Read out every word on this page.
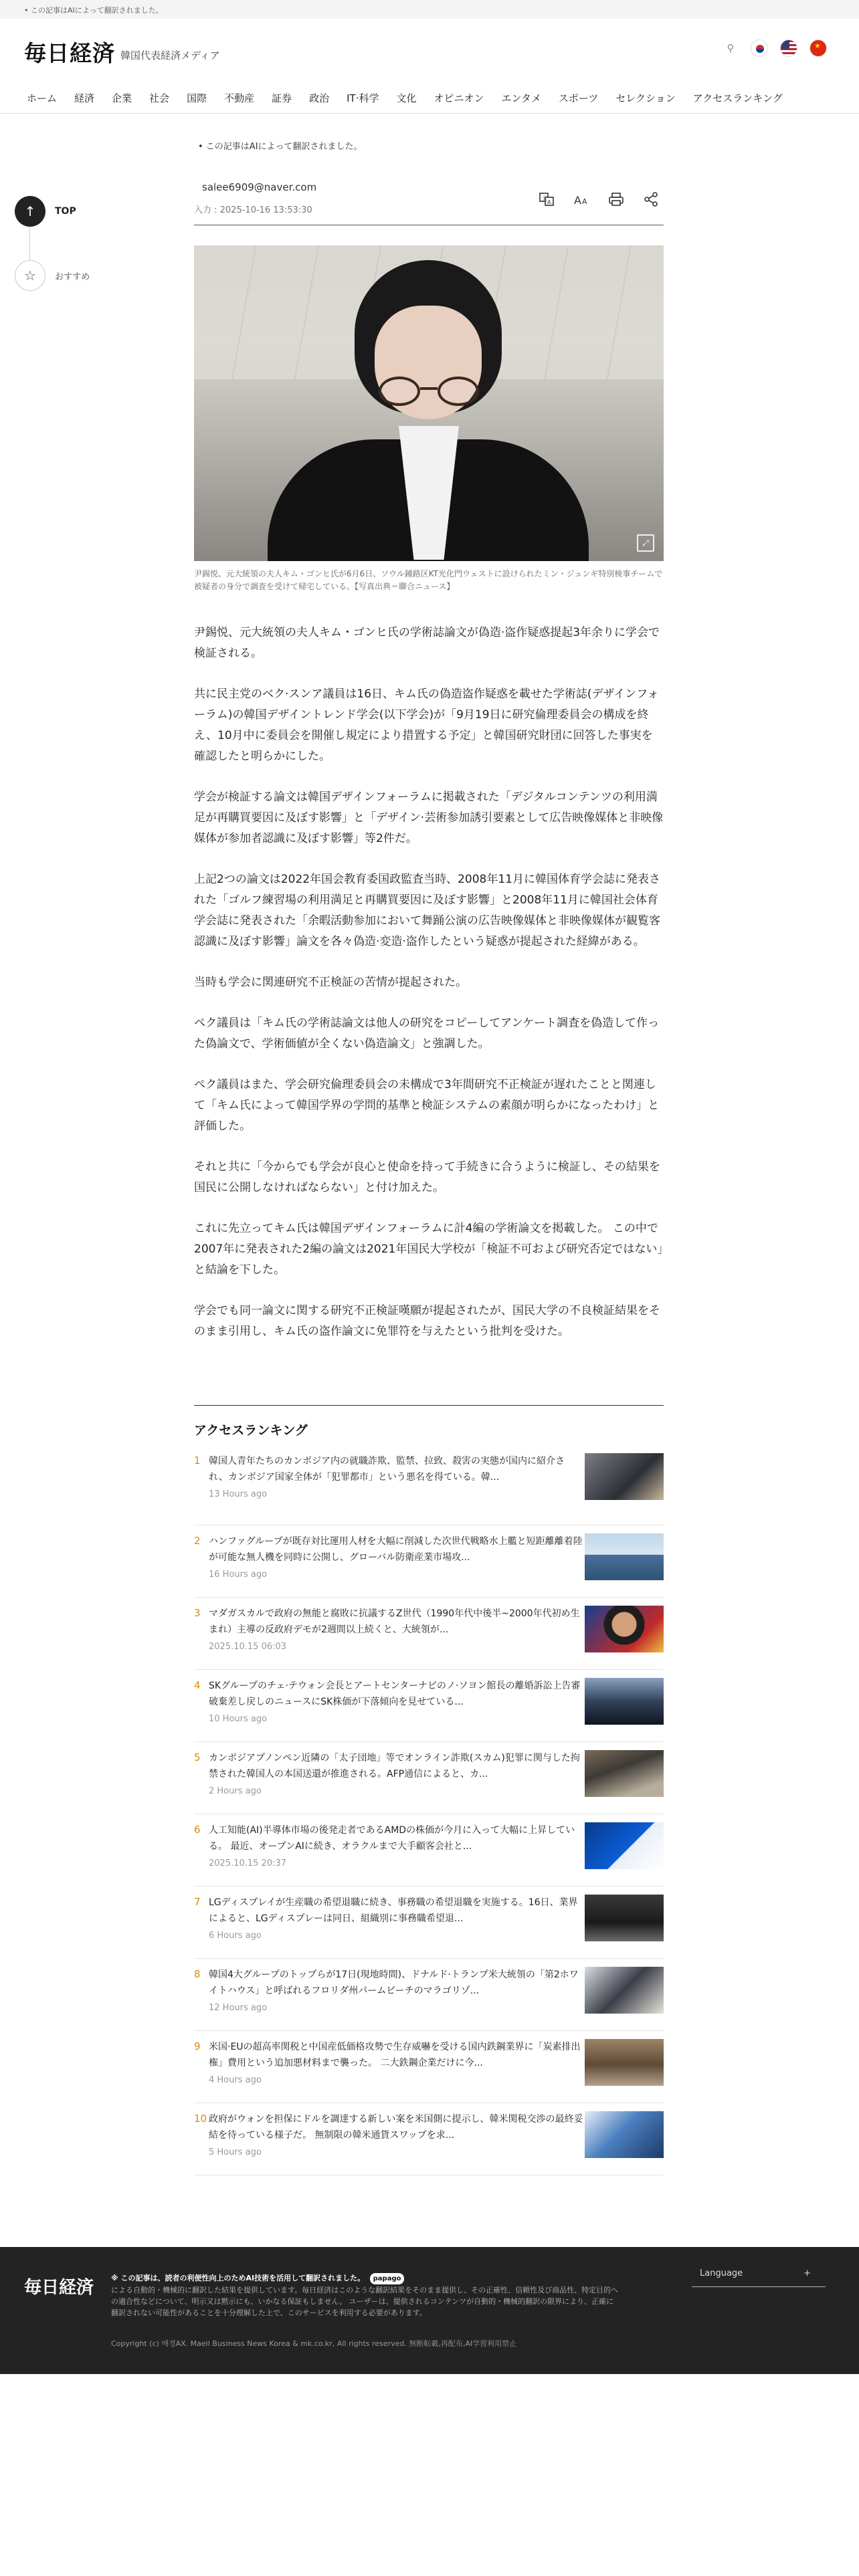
• この記事はAIによって翻訳されました。
毎日経済 韓国代表経済メディア
⚲	★
ホーム	経済	企業	社会	国際	不動産	証券	政治	IT·科学	文化	オピニオン	エンタメ	スポーツ	セレクション	アクセスランキング
↑	TOP
☆	おすすめ
• この記事はAIによって翻訳されました。
salee6909@naver.com
入力 : 2025-10-16 13:53:30
文
A A A
⤢
尹錫悦、元大統領の夫人キム・ゴンヒ氏が6月6日、ソウル鍾路区KT光化門ウェストに設けられたミン・ジュンギ特別検事チームで被疑者の身分で調査を受けて帰宅している。【写真出典＝聯合ニュース】

尹錫悦、元大統領の夫人キム・ゴンヒ氏の学術誌論文が偽造·盗作疑惑提起3年余りに学会で検証される。

共に民主党のベク·スンア議員は16日、キム氏の偽造盗作疑惑を載せた学術誌(デザインフォーラム)の韓国デザイントレンド学会(以下学会)が「9月19日に研究倫理委員会の構成を終え、10月中に委員会を開催し規定により措置する予定」と韓国研究財団に回答した事実を確認したと明らかにした。

学会が検証する論文は韓国デザインフォーラムに掲載された「デジタルコンテンツの利用満足が再購買要因に及ぼす影響」と「デザイン·芸術参加誘引要素として広告映像媒体と非映像媒体が参加者認識に及ぼす影響」等2件だ。

上記2つの論文は2022年国会教育委国政監査当時、2008年11月に韓国体育学会誌に発表された「ゴルフ練習場の利用満足と再購買要因に及ぼす影響」と2008年11月に韓国社会体育学会誌に発表された「余暇活動参加において舞踊公演の広告映像媒体と非映像媒体が観覧客認識に及ぼす影響」論文を各々偽造·変造·盗作したという疑惑が提起された経緯がある。

当時も学会に関連研究不正検証の苦情が提起された。

ペク議員は「キム氏の学術誌論文は他人の研究をコピーしてアンケート調査を偽造して作った偽論文で、学術価値が全くない偽造論文」と強調した。

ペク議員はまた、学会研究倫理委員会の未構成で3年間研究不正検証が遅れたことと関連して「キム氏によって韓国学界の学問的基準と検証システムの素顔が明らかになったわけ」と評価した。

それと共に「今からでも学会が良心と使命を持って手続きに合うように検証し、その結果を国民に公開しなければならない」と付け加えた。

これに先立ってキム氏は韓国デザインフォーラムに計4編の学術論文を掲載した。 この中で2007年に発表された2編の論文は2021年国民大学校が「検証不可および研究否定ではない」と結論を下した。

学会でも同一論文に関する研究不正検証嘆願が提起されたが、国民大学の不良検証結果をそのまま引用し、キム氏の盗作論文に免罪符を与えたという批判を受けた。

アクセスランキング
1 韓国人青年たちのカンボジア内の就職詐欺、監禁、拉致、殺害の実態が国内に紹介され、カンボジア国家全体が「犯罪都市」という悪名を得ている。韓...
13 Hours ago
2 ハンファグループが既存対比運用人材を大幅に削減した次世代戦略水上艦と短距離離着陸が可能な無人機を同時に公開し、グローバル防衛産業市場攻...
16 Hours ago
3 マダガスカルで政府の無能と腐敗に抗議するZ世代（1990年代中後半~2000年代初め生まれ）主導の反政府デモが2週間以上続くと、大統領が...
2025.10.15 06:03
4 SKグループのチェ·テウォン会長とアートセンターナビのノ·ソヨン館長の離婚訴訟上告審破棄差し戻しのニュースにSK株価が下落傾向を見せている...
10 Hours ago
5 カンボジアプノンペン近隣の「太子団地」等でオンライン詐欺(スカム)犯罪に関与した拘禁された韓国人の本国送還が推進される。AFP通信によると、カ...
2 Hours ago
6 人工知能(AI)半導体市場の後発走者であるAMDの株価が今月に入って大幅に上昇している。 最近、オープンAIに続き、オラクルまで大手顧客会社と...
2025.10.15 20:37
7 LGディスプレイが生産職の希望退職に続き、事務職の希望退職を実施する。16日、業界によると、LGディスプレーは同日、組織別に事務職希望退...
6 Hours ago
8 韓国4大グループのトップらが17日(現地時間)、ドナルド·トランプ米大統領の「第2ホワイトハウス」と呼ばれるフロリダ州パームビーチのマラゴリゾ...
12 Hours ago
9 米国·EUの超高率関税と中国産低価格攻勢で生存威嚇を受ける国内鉄鋼業界に「炭素排出権」費用という追加悪材料まで襲った。 二大鉄鋼企業だけに今...
4 Hours ago
10 政府がウォンを担保にドルを調達する新しい案を米国側に提示し、韓米関税交渉の最終妥結を待っている様子だ。 無制限の韓米通貨スワップを求...
5 Hours ago
毎日経済 ※ この記事は、読者の利便性向上のためAI技術を活用して翻訳されました。 papago
による自動的・機械的に翻訳した結果を提供しています。毎日経済はこのような翻訳結果をそのまま提供し、その正確性、信頼性及び商品性、特定目的への適合性などについて、明示又は黙示にも、いかなる保証もしません。 ユーザーは、提供されるコンテンツが自動的・機械的翻訳の限界により、正確に翻訳されない可能性があることを十分理解した上で、このサービスを利用する必要があります。
Copyright (c) 매경AX. Maeil Business News Korea & mk.co.kr, All rights reserved. 無断転載,再配布,AI学習利用禁止
Language	+
